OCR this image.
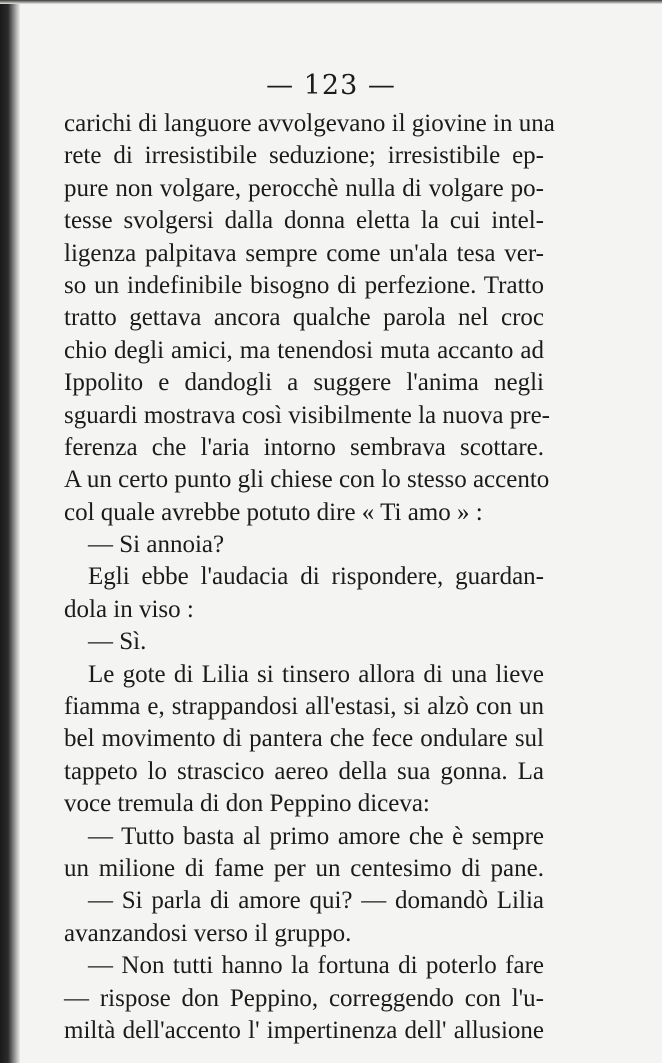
— 123 —
carichi di languore avvolgevano il giovine in una
rete di irresistibile seduzione; irresistibile ep-
pure non volgare, perocchè nulla di volgare po-
tesse svolgersi dalla donna eletta la cui intel-
ligenza palpitava sempre come un'ala tesa ver-
so un indefinibile bisogno di perfezione. Tratto
tratto gettava ancora qualche parola nel croc
chio degli amici, ma tenendosi muta accanto ad
Ippolito e dandogli a suggere l'anima negli
sguardi mostrava così visibilmente la nuova pre-
ferenza che l'aria intorno sembrava scottare.
A un certo punto gli chiese con lo stesso accento
col quale avrebbe potuto dire « Ti amo » :
— Si annoia?
Egli ebbe l'audacia di rispondere, guardan-
dola in viso :
— Sì.
Le gote di Lilia si tinsero allora di una lieve
fiamma e, strappandosi all'estasi, si alzò con un
bel movimento di pantera che fece ondulare sul
tappeto lo strascico aereo della sua gonna. La
voce tremula di don Peppino diceva:
— Tutto basta al primo amore che è sempre
un milione di fame per un centesimo di pane.
— Si parla di amore qui? — domandò Lilia
avanzandosi verso il gruppo.
— Non tutti hanno la fortuna di poterlo fare
— rispose don Peppino, correggendo con l'u-
miltà dell'accento l' impertinenza dell' allusione
